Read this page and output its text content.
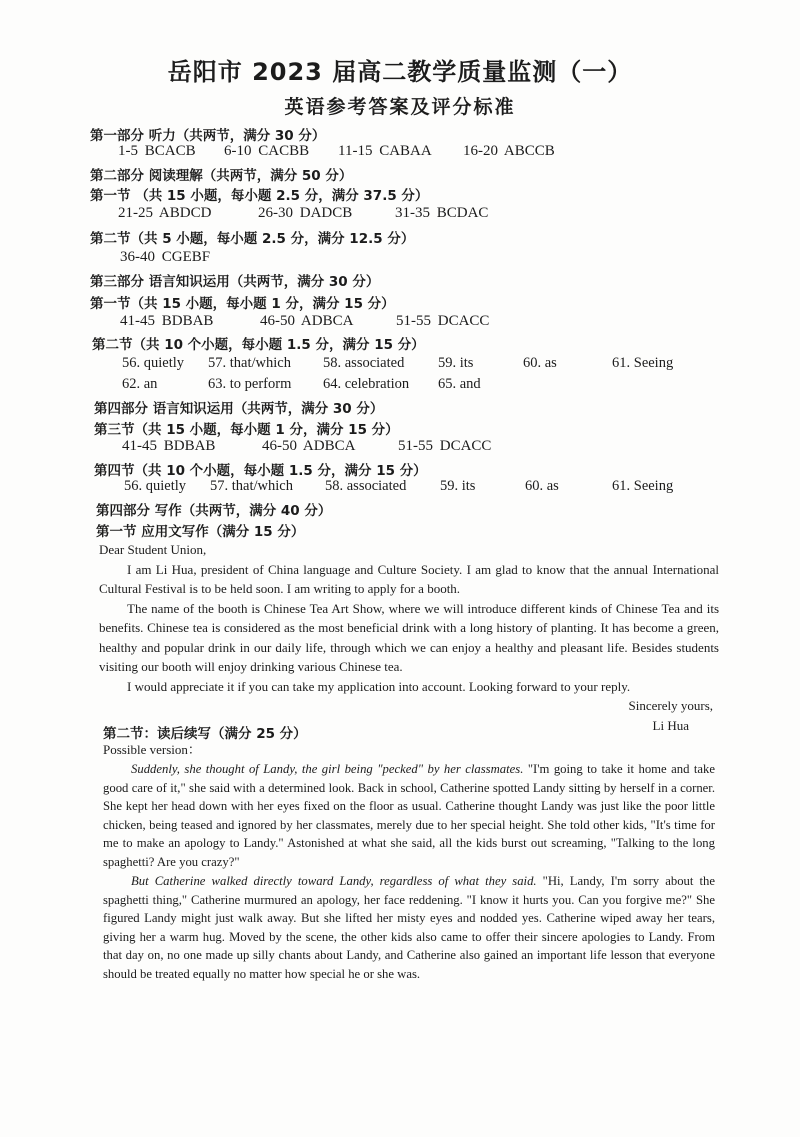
岳阳市 2023 届高二教学质量监测（一）
英语参考答案及评分标准
第一部分 听力（共两节，满分 30 分）
1-5 BCACB 6-10 CACBB 11-15 CABAA 16-20 ABCCB
第二部分 阅读理解（共两节，满分 50 分）
第一节 （共 15 小题，每小题 2.5 分，满分 37.5 分）
21-25 ABDCD	26-30 DADCB	31-35 BCDAC
第二节（共 5 小题，每小题 2.5 分，满分 12.5 分）
36-40 CGEBF
第三部分 语言知识运用（共两节，满分 30 分）
第一节（共 15 小题，每小题 1 分，满分 15 分）
41-45 BDBAB	46-50 ADBCA	51-55 DCACC
第二节（共 10 个小题，每小题 1.5 分，满分 15 分）
56. quietly 57. that/which 58. associated 59. its	60. as	61. Seeing
62. an	63. to perform 64. celebration 65. and
第四部分 语言知识运用（共两节，满分 30 分）
第三节（共 15 小题，每小题 1 分，满分 15 分）
41-45 BDBAB	46-50 ADBCA	51-55 DCACC
第四节（共 10 个小题，每小题 1.5 分，满分 15 分）
56. quietly 57. that/which 58. associated 59. its	60. as	61. Seeing
第四部分 写作（共两节，满分 40 分）
第一节 应用文写作（满分 15 分）
Dear Student Union,
I am Li Hua, president of China language and Culture Society. I am glad to know that the annual International Cultural Festival is to be held soon. I am writing to apply for a booth.
The name of the booth is Chinese Tea Art Show, where we will introduce different kinds of Chinese Tea and its benefits. Chinese tea is considered as the most beneficial drink with a long history of planting. It has become a green, healthy and popular drink in our daily life, through which we can enjoy a healthy and pleasant life. Besides students visiting our booth will enjoy drinking various Chinese tea.
I would appreciate it if you can take my application into account. Looking forward to your reply.
Sincerely yours,
Li Hua
第二节：读后续写（满分 25 分）
Possible version：
Suddenly, she thought of Landy, the girl being "pecked" by her classmates. "I'm going to take it home and take good care of it," she said with a determined look. Back in school, Catherine spotted Landy sitting by herself in a corner. She kept her head down with her eyes fixed on the floor as usual. Catherine thought Landy was just like the poor little chicken, being teased and ignored by her classmates, merely due to her special height. She told other kids, "It's time for me to make an apology to Landy." Astonished at what she said, all the kids burst out screaming, "Talking to the long spaghetti? Are you crazy?"
But Catherine walked directly toward Landy, regardless of what they said. "Hi, Landy, I'm sorry about the spaghetti thing," Catherine murmured an apology, her face reddening. "I know it hurts you. Can you forgive me?" She figured Landy might just walk away. But she lifted her misty eyes and nodded yes. Catherine wiped away her tears, giving her a warm hug. Moved by the scene, the other kids also came to offer their sincere apologies to Landy. From that day on, no one made up silly chants about Landy, and Catherine also gained an important life lesson that everyone should be treated equally no matter how special he or she was.
